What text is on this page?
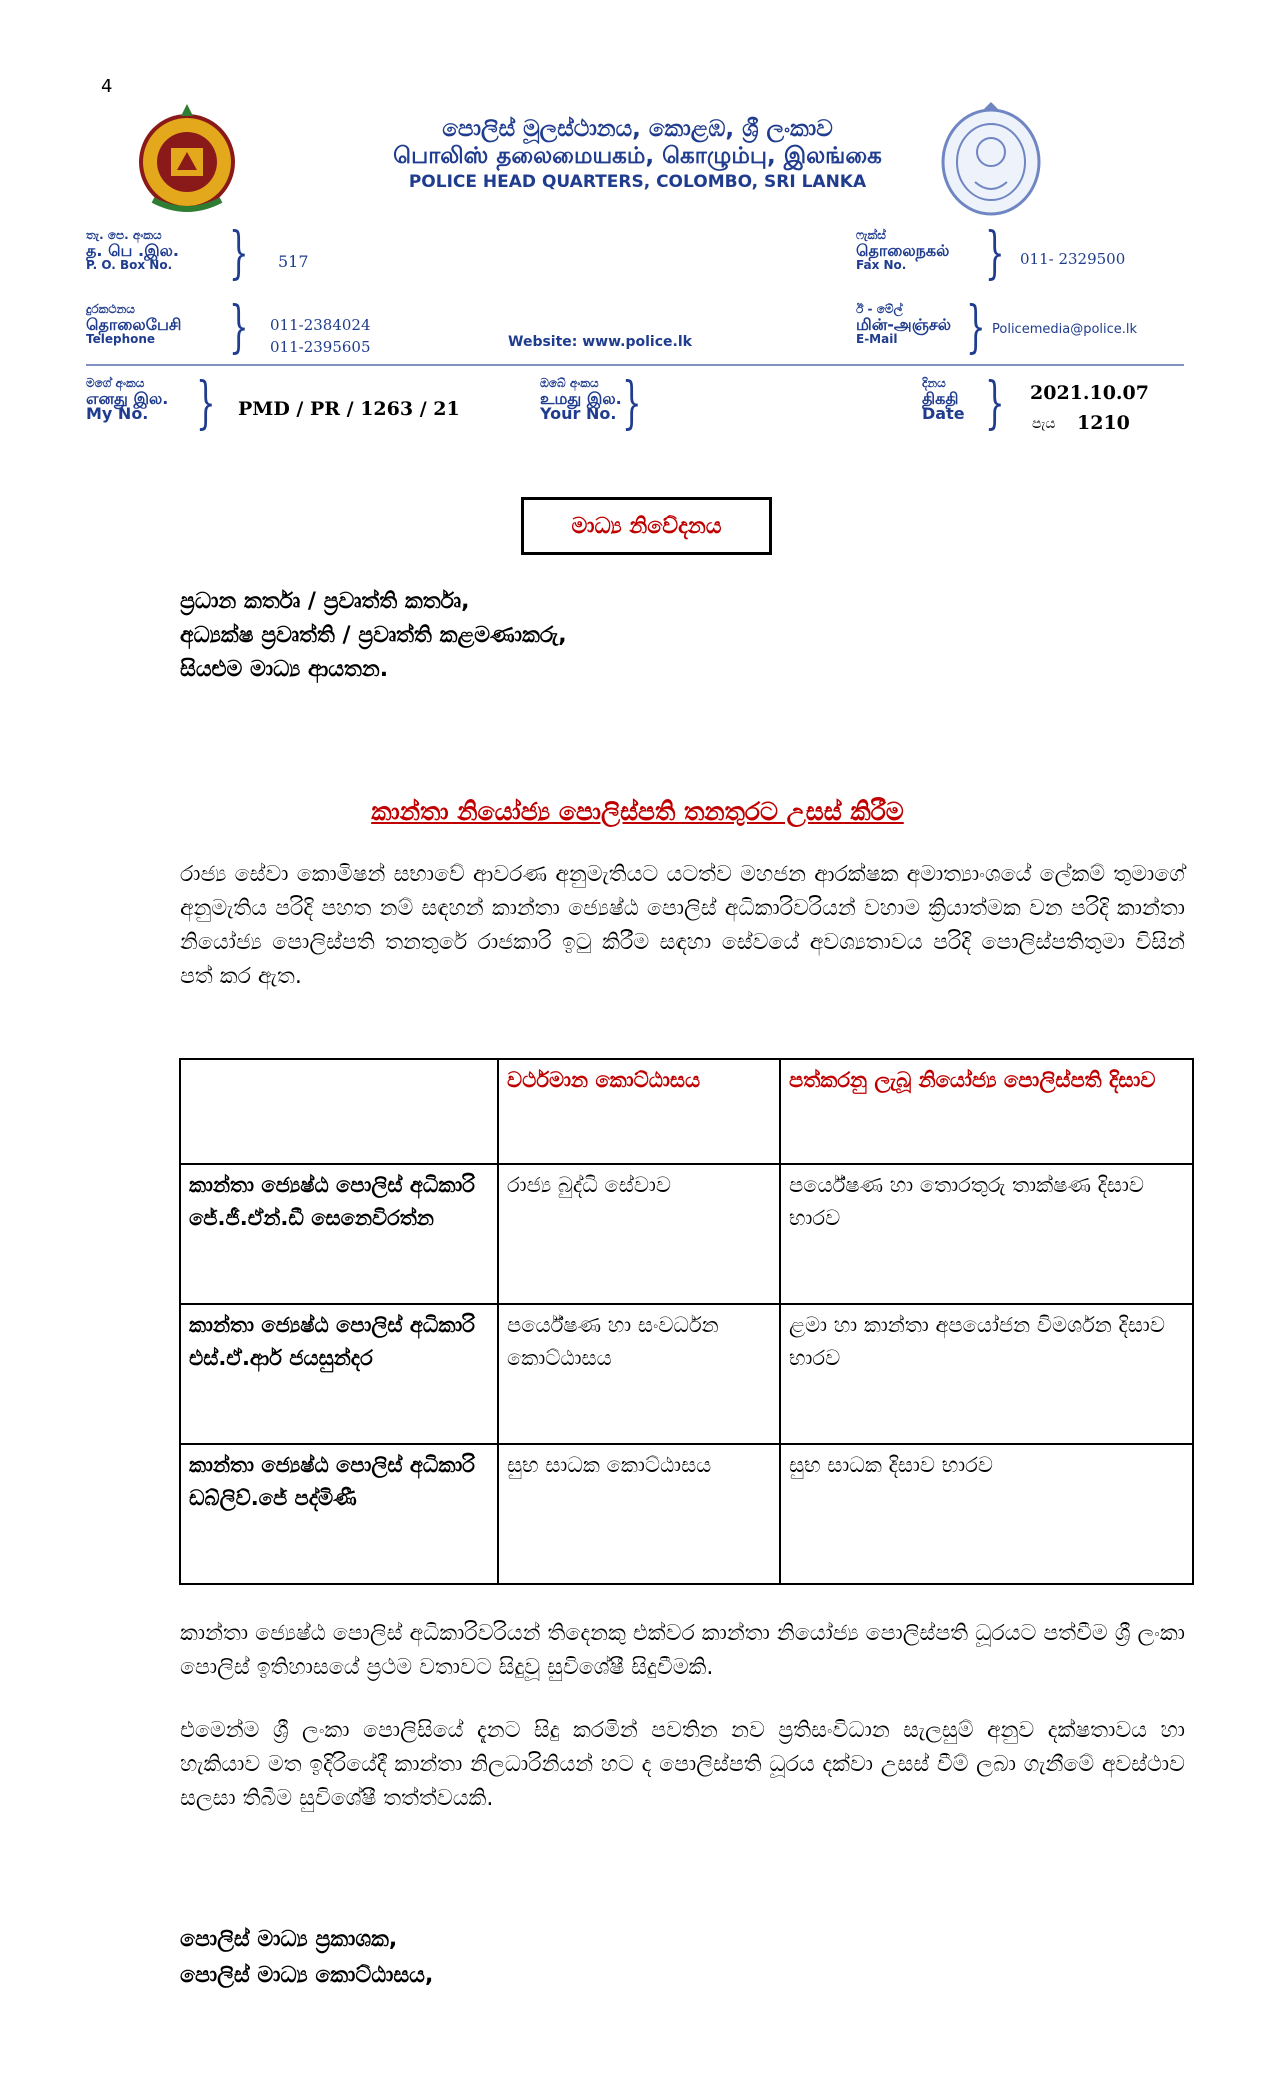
4
පොලිස් මූලස්ථානය, කොළඹ, ශ්‍රී ලංකාව
பொலிஸ் தலைமையகம், கொழும்பு, இலங்கை
POLICE HEAD QUARTERS, COLOMBO, SRI LANKA
තැ. පෙ. අංකය
த. பெ .இல.
P. O. Box No. } 517
ෆැක්ස්
தொலைநகல்
Fax No.	} 011- 2329500
දුරකථනය
தொலைபேசி
Telephone	} 011-2384024
011-2395605	Website: www.police.lk
ඊ - මේල්
மின்-அஞ்சல்
E-Mail	} Policemedia@police.lk
මගේ අංකය
எனது இல.
My No. } PMD / PR / 1263 / 21
ඔබේ අංකය
உமது இல.
Your No. }	දිනය
திகதி
Date } 2021.10.07
පැය 1210
මාධ්‍ය නිවේදනය
ප්‍රධාන කර්තෘ / ප්‍රවෘත්ති කර්තෘ,
අධ්‍යක්ෂ ප්‍රවෘත්ති / ප්‍රවෘත්ති කළමණාකරු,
සියළුම මාධ්‍ය ආයතන.
කාන්තා නියෝජ්‍ය පොලිස්පති තනතුරට උසස් කිරීම
රාජ්‍ය සේවා කොමිෂන් සභාවේ ආවරණ අනුමැතියට යටත්ව මහජන ආරක්ෂක අමාත්‍යාංශයේ ලේකම් තුමාගේ අනුමැතිය පරිදි පහත නම් සඳහන් කාන්තා ජ්‍යෙෂ්ඨ පොලිස් අධිකාරිවරියන් වහාම ක්‍රියාත්මක වන පරිදි කාන්තා නියෝජ්‍ය පොලිස්පති තනතුරේ රාජකාරි ඉටු කිරීම සඳහා සේවයේ අවශ්‍යතාවය පරිදි පොලිස්පතිතුමා විසින් පත් කර ඇත.
	වර්ථමාන කොට්ඨාසය	පත්කරනු ලැබූ නියෝජ්‍ය පොලිස්පති දිසාව

කාන්තා ජ්‍යෙෂ්ඨ පොලිස් අධිකාරි
ජේ.ජී.ඒන්.ඩී සෙනෙවිරත්න	රාජ්‍ය බුද්ධි සේවාව	පර්යේෂණ හා තොරතුරු තාක්ෂණ දිසාව භාරව

කාන්තා ජ්‍යෙෂ්ඨ පොලිස් අධිකාරි
එස්.ඒ.ආර් ජයසුන්දර	පර්යේෂණ හා සංවර්ධන කොට්ඨාසය	ළමා හා කාන්තා අපයෝජන විමර්ශන දිසාව භාරව

කාන්තා ජ්‍යෙෂ්ඨ පොලිස් අධිකාරි
ඩබ්ලිව්.ජේ පද්මිණී	සුභ සාධක කොට්ඨාසය	සුභ සාධක දිසාව භාරව
කාන්තා ජ්‍යෙෂ්ඨ පොලිස් අධිකාරිවරියන් තිදෙනකු එක්වර කාන්තා නියෝජ්‍ය පොලිස්පති ධූරයට පත්වීම ශ්‍රී ලංකා පොලිස් ඉතිහාසයේ ප්‍රථම වතාවට සිදුවූ සුවිශේෂී සිදුවීමකි.
එමෙන්ම ශ්‍රී ලංකා පොලිසියේ දැනට සිදු කරමින් පවතින නව ප්‍රතිසංවිධාන සැලසුම් අනුව දක්ෂතාවය හා හැකියාව මත ඉදිරියේදී කාන්තා නිලධාරිනියන් හට ද පොලිස්පති ධූරය දක්වා උසස් වීම් ලබා ගැනීමේ අවස්ථාව සලසා තිබීම සුවිශේෂී තත්ත්වයකි.
පොලිස් මාධ්‍ය ප්‍රකාශක,
පොලිස් මාධ්‍ය කොට්ඨාසය,
